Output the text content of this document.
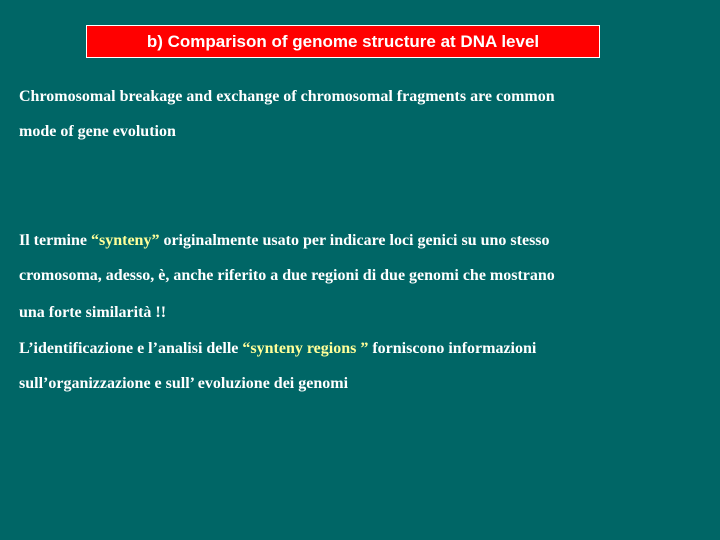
b) Comparison of genome structure at DNA level
Chromosomal breakage and exchange of chromosomal fragments are common
mode of gene evolution
Il termine “synteny” originalmente usato per indicare loci genici su uno stesso
cromosoma, adesso, è, anche riferito a due regioni di due genomi che mostrano
una forte similarità !!
L’identificazione e l’analisi delle “synteny regions ” forniscono informazioni
sull’organizzazione e sull’ evoluzione dei genomi
